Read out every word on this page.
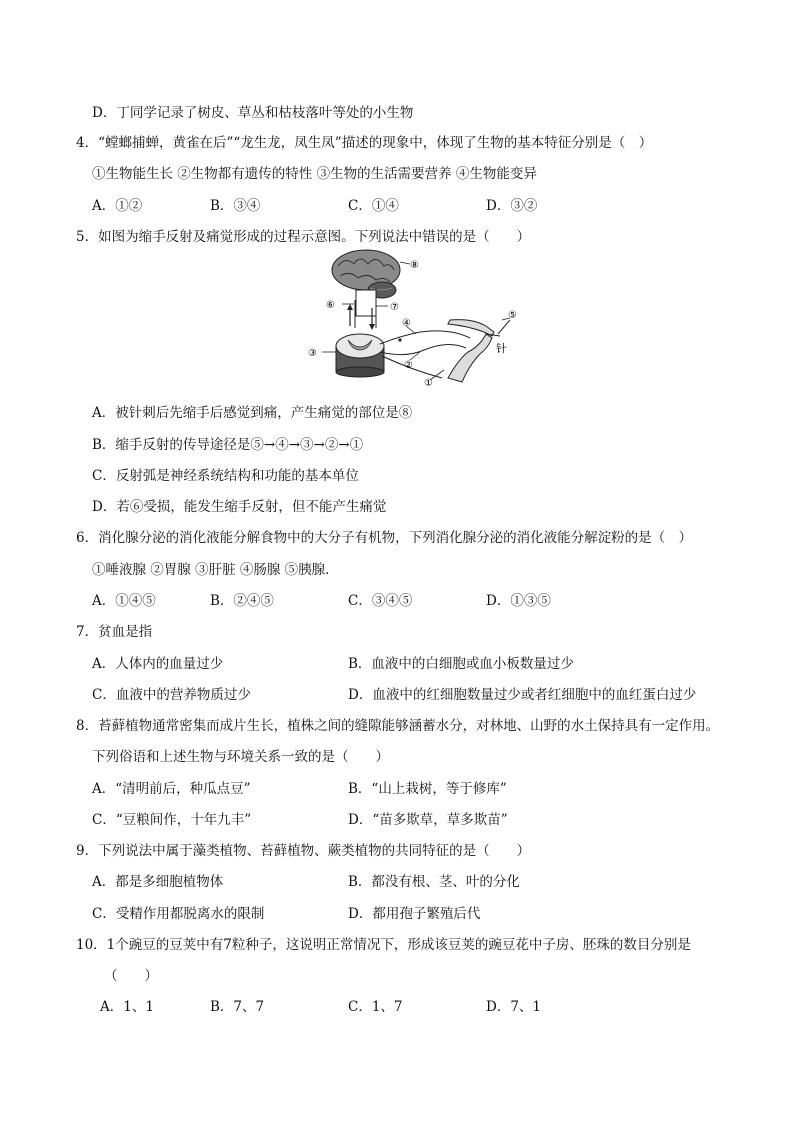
D．丁同学记录了树皮、草丛和枯枝落叶等处的小生物
4．“螳螂捕蝉，黄雀在后”“龙生龙，凤生凤”描述的现象中，体现了生物的基本特征分别是（　）
①生物能生长 ②生物都有遗传的特性 ③生物的生活需要营养 ④生物能变异
A．①②	B．③④	C．①④	D．③②
5．如图为缩手反射及痛觉形成的过程示意图。下列说法中错误的是（　　）
⑧
⑥	⑦
④
⑤
③
②
①
针
A．被针刺后先缩手后感觉到痛，产生痛觉的部位是⑧
B．缩手反射的传导途径是⑤→④→③→②→①
C．反射弧是神经系统结构和功能的基本单位
D．若⑥受损，能发生缩手反射，但不能产生痛觉
6．消化腺分泌的消化液能分解食物中的大分子有机物，下列消化腺分泌的消化液能分解淀粉的是（　）
①唾液腺 ②胃腺 ③肝脏 ④肠腺 ⑤胰腺．
A．①④⑤	B．②④⑤	C．③④⑤	D．①③⑤
7．贫血是指
A．人体内的血量过少	B．血液中的白细胞或血小板数量过少
C．血液中的营养物质过少	D．血液中的红细胞数量过少或者红细胞中的血红蛋白过少
8．苔藓植物通常密集而成片生长，植株之间的缝隙能够涵蓄水分，对林地、山野的水土保持具有一定作用。
下列俗语和上述生物与环境关系一致的是（　　）
A．“清明前后，种瓜点豆”	B．“山上栽树，等于修库”
C．“豆粮间作，十年九丰”	D．“苗多欺草，草多欺苗”
9．下列说法中属于藻类植物、苔藓植物、蕨类植物的共同特征的是（　　）
A．都是多细胞植物体	B．都没有根、茎、叶的分化
C．受精作用都脱离水的限制	D．都用孢子繁殖后代
10．1个豌豆的豆荚中有7粒种子，这说明正常情况下，形成该豆荚的豌豆花中子房、胚珠的数目分别是
（　　）
A．1、1	B．7、7	C．1、7	D．7、1
